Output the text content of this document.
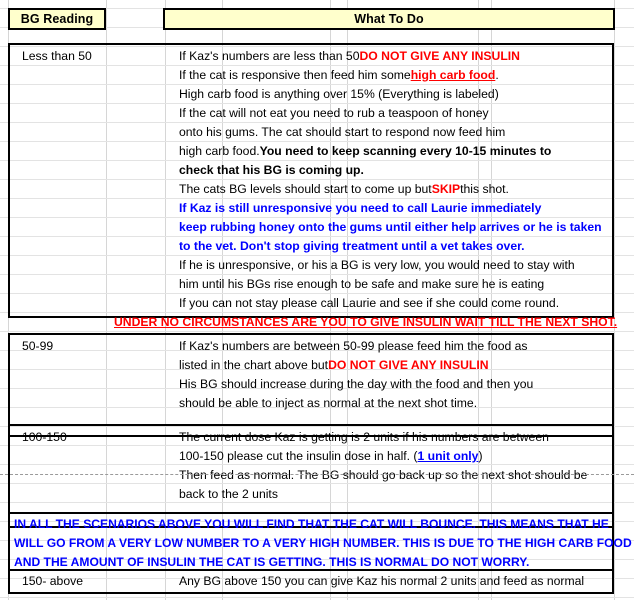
BG Reading	What To Do
Less than 50	If Kaz's numbers are less than 50 DO NOT GIVE ANY INSULIN
If the cat is responsive then feed him some high carb food .
High carb food is anything over 15% (Everything is labeled)
If the cat will not eat you need to rub a teaspoon of honey
onto his gums. The cat should start to respond now feed him
high carb food. You need to keep scanning every 10-15 minutes to
check that his BG is coming up.
The cats BG levels should start to come up but SKIP this shot.
If Kaz is still unresponsive you need to call Laurie immediately
keep rubbing honey onto the gums until either help arrives or he is taken
to the vet. Don't stop giving treatment until a vet takes over.
If he is unresponsive, or his a BG is very low, you would need to stay with
him until his BGs rise enough to be safe and make sure he is eating
If you can not stay please call Laurie and see if she could come round.
UNDER NO CIRCUMSTANCES ARE YOU TO GIVE INSULIN WAIT TILL THE NEXT SHOT.
50-99	If Kaz's numbers are between 50-99 please feed him the food as
listed in the chart above but DO NOT GIVE ANY INSULIN
His BG should increase during the day with the food and then you
should be able to inject as normal at the next shot time.
100-150	The current dose Kaz is getting is 2 units if his numbers are between
100-150 please cut the insulin dose in half. ( 1 unit only )
Then feed as normal. The BG should go back up so the next shot should be
back to the 2 units
IN ALL THE SCENARIOS ABOVE YOU WILL FIND THAT THE CAT WILL BOUNCE. THIS MEANS THAT HE
WILL GO FROM A VERY LOW NUMBER TO A VERY HIGH NUMBER. THIS IS DUE TO THE HIGH CARB FOOD
AND THE AMOUNT OF INSULIN THE CAT IS GETTING. THIS IS NORMAL DO NOT WORRY.
150- above	Any BG above 150 you can give Kaz his normal 2 units and feed as normal
